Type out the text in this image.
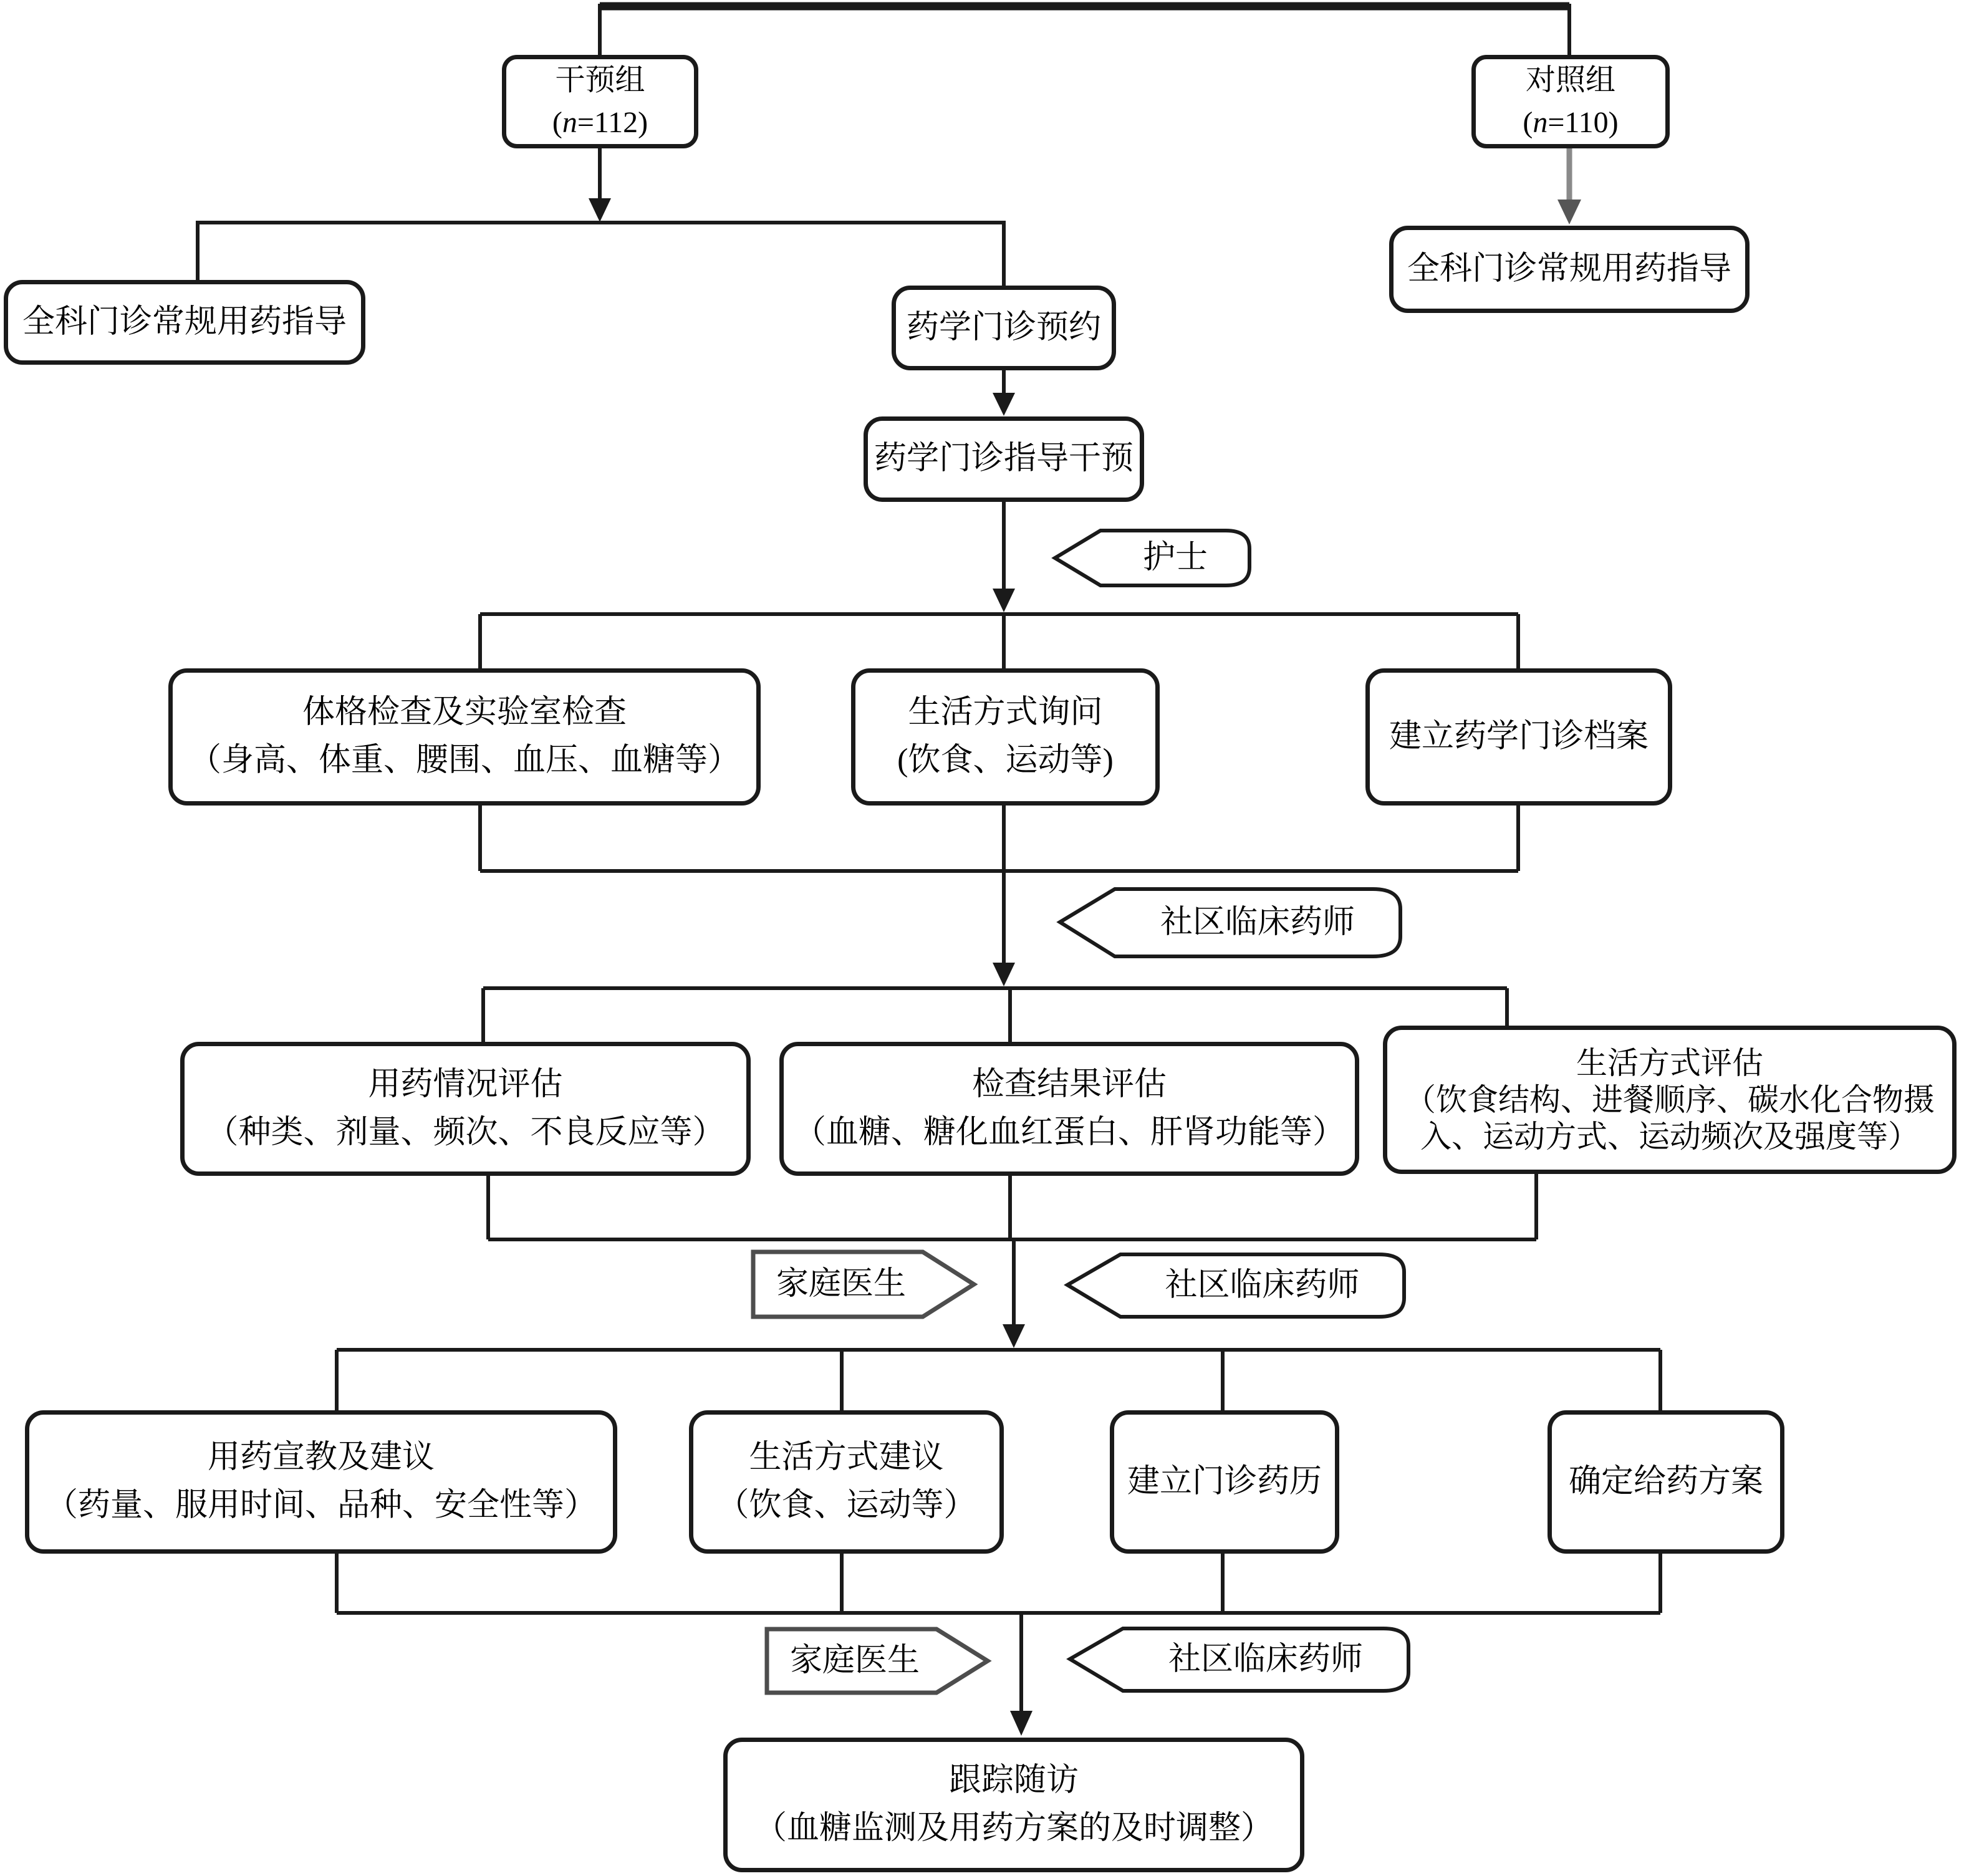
干预组
(n=112)
对照组
(n=110)
全科门诊常规用药指导	药学门诊预约
全科门诊常规用药指导
药学门诊指导干预
护士
体格检查及实验室检查
（身高、体重、腰围、血压、血糖等）
生活方式询问
(饮食、运动等)
建立药学门诊档案
社区临床药师
用药情况评估
（种类、剂量、频次、不良反应等）
检查结果评估
（血糖、糖化血红蛋白、肝肾功能等）
生活方式评估
（饮食结构、进餐顺序、碳水化合物摄入、运动方式、运动频次及强度等）
家庭医生	社区临床药师
用药宣教及建议
（药量、服用时间、品种、安全性等）
生活方式建议
（饮食、运动等）
建立门诊药历	确定给药方案
家庭医生	社区临床药师
跟踪随访
（血糖监测及用药方案的及时调整）
